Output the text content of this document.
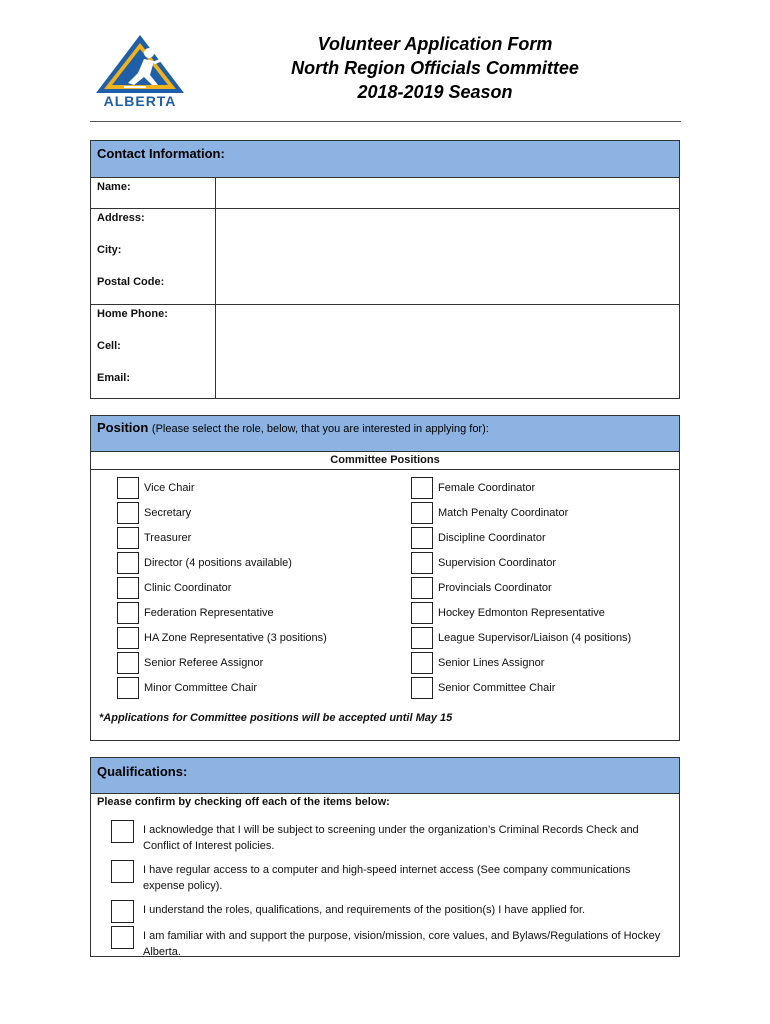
ALBERTA
Volunteer Application Form
North Region Officials Committee
2018-2019 Season
Contact Information:
Name:
Address:
City:
Postal Code:
Home Phone:
Cell:
Email:
Position (Please select the role, below, that you are interested in applying for):
Committee Positions
Vice Chair
Secretary
Treasurer
Director (4 positions available)
Clinic Coordinator
Federation Representative
HA Zone Representative (3 positions)
Senior Referee Assignor
Minor Committee Chair
Female Coordinator
Match Penalty Coordinator
Discipline Coordinator
Supervision Coordinator
Provincials Coordinator
Hockey Edmonton Representative
League Supervisor/Liaison (4 positions)
Senior Lines Assignor
Senior Committee Chair
*Applications for Committee positions will be accepted until May 15
Qualifications:
Please confirm by checking off each of the items below:
I acknowledge that I will be subject to screening under the organization’s Criminal Records Check and Conflict of Interest policies.
I have regular access to a computer and high-speed internet access (See company communications expense policy).
I understand the roles, qualifications, and requirements of the position(s) I have applied for.
I am familiar with and support the purpose, vision/mission, core values, and Bylaws/Regulations of Hockey Alberta.
